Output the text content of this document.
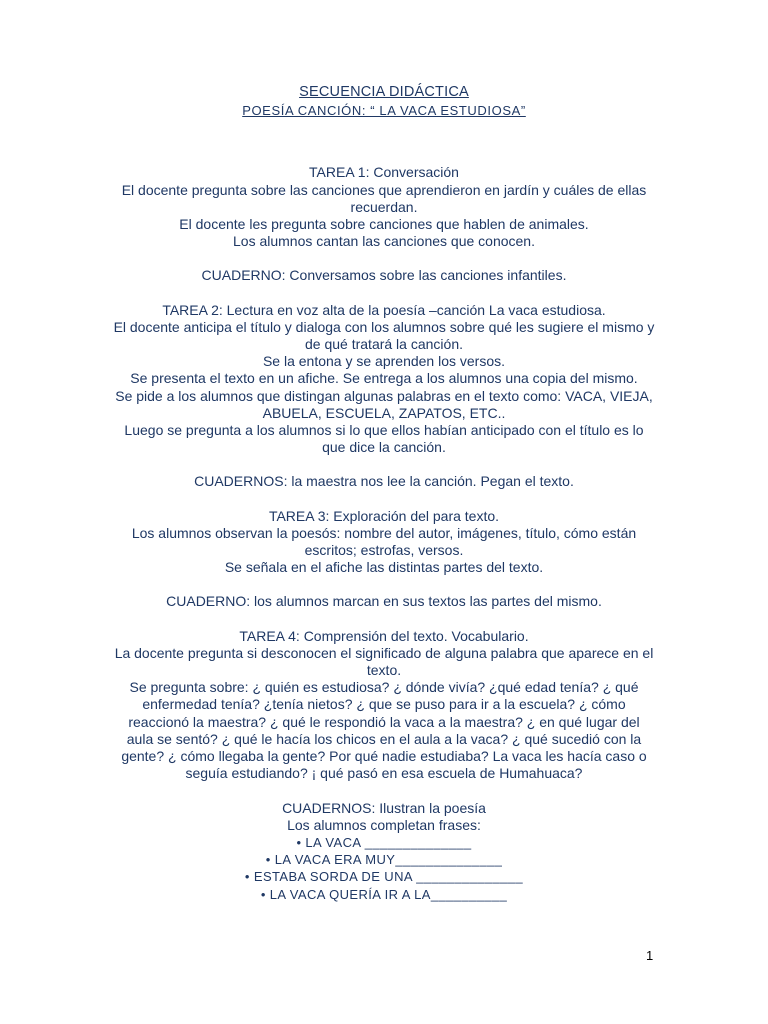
SECUENCIA DIDÁCTICA
POESÍA CANCIÓN: “ LA VACA ESTUDIOSA”
TAREA 1: Conversación
El docente pregunta sobre las canciones que aprendieron en jardín y cuáles de ellas
recuerdan.
El docente les pregunta sobre canciones que hablen de animales.
Los alumnos cantan las canciones que conocen.
CUADERNO: Conversamos sobre las canciones infantiles.
TAREA 2: Lectura en voz alta de la poesía –canción La vaca estudiosa.
El docente anticipa el título y dialoga con los alumnos sobre qué les sugiere el mismo y
de qué tratará la canción.
Se la entona y se aprenden los versos.
Se presenta el texto en un afiche. Se entrega a los alumnos una copia del mismo.
Se pide a los alumnos que distingan algunas palabras en el texto como: VACA, VIEJA,
ABUELA, ESCUELA, ZAPATOS, ETC..
Luego se pregunta a los alumnos si lo que ellos habían anticipado con el título es lo
que dice la canción.
CUADERNOS: la maestra nos lee la canción. Pegan el texto.
TAREA 3: Exploración del para texto.
Los alumnos observan la poesós: nombre del autor, imágenes, título, cómo están
escritos; estrofas, versos.
Se señala en el afiche las distintas partes del texto.
CUADERNO: los alumnos marcan en sus textos las partes del mismo.
TAREA 4: Comprensión del texto. Vocabulario.
La docente pregunta si desconocen el significado de alguna palabra que aparece en el
texto.
Se pregunta sobre: ¿ quién es estudiosa? ¿ dónde vivía? ¿qué edad tenía? ¿ qué
enfermedad tenía? ¿tenía nietos? ¿ que se puso para ir a la escuela? ¿ cómo
reaccionó la maestra? ¿ qué le respondió la vaca a la maestra? ¿ en qué lugar del
aula se sentó? ¿ qué le hacía los chicos en el aula a la vaca? ¿ qué sucedió con la
gente? ¿ cómo llegaba la gente? Por qué nadie estudiaba? La vaca les hacía caso o
seguía estudiando? ¡ qué pasó en esa escuela de Humahuaca?
CUADERNOS: Ilustran la poesía
Los alumnos completan frases:
• LA VACA ______________
• LA VACA ERA MUY______________
• ESTABA SORDA DE UNA ______________
• LA VACA QUERÍA IR A LA__________
1
